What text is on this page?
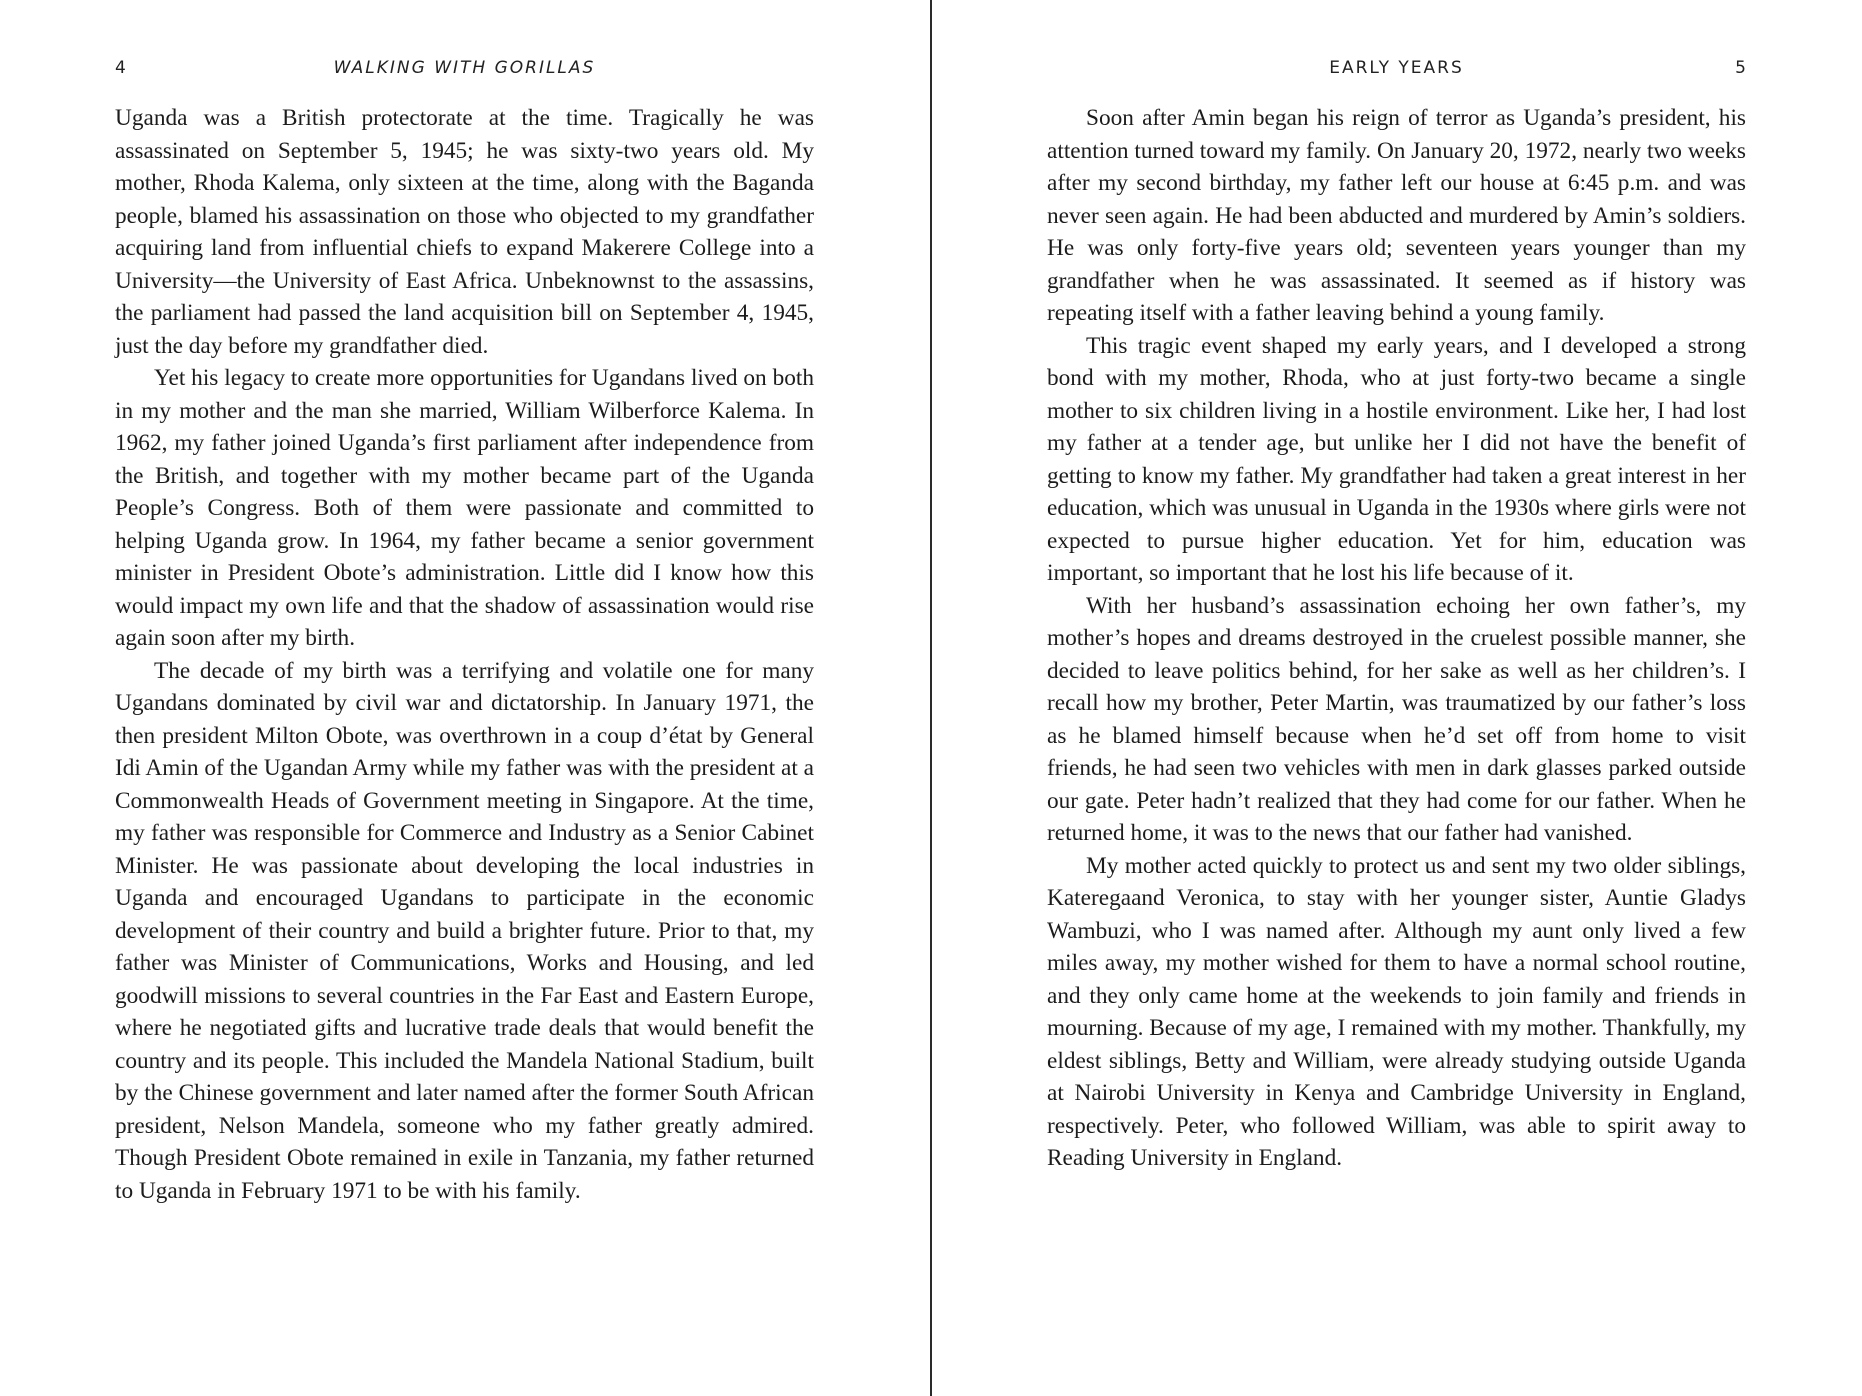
4	WALKING WITH GORILLAS

Uganda was a British protectorate at the time. Tragically he was assassinated on September 5, 1945; he was sixty-two years old. My mother, Rhoda Kalema, only sixteen at the time, along with the Baganda people, blamed his assassination on those who objected to my grandfather acquiring land from influential chiefs to expand Makerere College into a University—the University of East Africa. Unbeknownst to the assassins, the parliament had passed the land acquisition bill on September 4, 1945, just the day before my grandfather died.

Yet his legacy to create more opportunities for Ugandans lived on both in my mother and the man she married, William Wilberforce Kalema. In 1962, my father joined Uganda’s first parliament after independence from the British, and together with my mother became part of the Uganda People’s Congress. Both of them were passionate and committed to helping Uganda grow. In 1964, my father became a senior government minister in President Obote’s administration. Little did I know how this would impact my own life and that the shadow of assassination would rise again soon after my birth.

The decade of my birth was a terrifying and volatile one for many Ugandans dominated by civil war and dictatorship. In January 1971, the then president Milton Obote, was overthrown in a coup d’état by General Idi Amin of the Ugandan Army while my father was with the president at a Commonwealth Heads of Government meeting in Singapore. At the time, my father was responsible for Commerce and Industry as a Senior Cabinet Minister. He was passionate about developing the local industries in Uganda and encouraged Ugandans to participate in the economic development of their country and build a brighter future. Prior to that, my father was Minister of Communications, Works and Housing, and led goodwill missions to several countries in the Far East and Eastern Europe, where he negotiated gifts and lucrative trade deals that would benefit the country and its people. This included the Mandela National Stadium, built by the Chinese government and later named after the former South African president, Nelson Mandela, someone who my father greatly admired. Though President Obote remained in exile in Tanzania, my father returned to Uganda in February 1971 to be with his family.

EARLY YEARS	5

Soon after Amin began his reign of terror as Uganda’s president, his attention turned toward my family. On January 20, 1972, nearly two weeks after my second birthday, my father left our house at 6:45 p.m. and was never seen again. He had been abducted and murdered by Amin’s soldiers. He was only forty-five years old; seventeen years younger than my grandfather when he was assassinated. It seemed as if history was repeating itself with a father leaving behind a young family.

This tragic event shaped my early years, and I developed a strong bond with my mother, Rhoda, who at just forty-two became a single mother to six children living in a hostile environment. Like her, I had lost my father at a tender age, but unlike her I did not have the benefit of getting to know my father. My grandfather had taken a great interest in her education, which was unusual in Uganda in the 1930s where girls were not expected to pursue higher education. Yet for him, education was important, so important that he lost his life because of it.

With her husband’s assassination echoing her own father’s, my mother’s hopes and dreams destroyed in the cruelest possible manner, she decided to leave politics behind, for her sake as well as her children’s. I recall how my brother, Peter Martin, was traumatized by our father’s loss as he blamed himself because when he’d set off from home to visit friends, he had seen two vehicles with men in dark glasses parked outside our gate. Peter hadn’t realized that they had come for our father. When he returned home, it was to the news that our father had vanished.

My mother acted quickly to protect us and sent my two older siblings, Kateregaand Veronica, to stay with her younger sister, Auntie Gladys Wambuzi, who I was named after. Although my aunt only lived a few miles away, my mother wished for them to have a normal school routine, and they only came home at the weekends to join family and friends in mourning. Because of my age, I remained with my mother. Thankfully, my eldest siblings, Betty and William, were already studying outside Uganda at Nairobi University in Kenya and Cambridge University in England, respectively. Peter, who followed William, was able to spirit away to Reading University in England.
